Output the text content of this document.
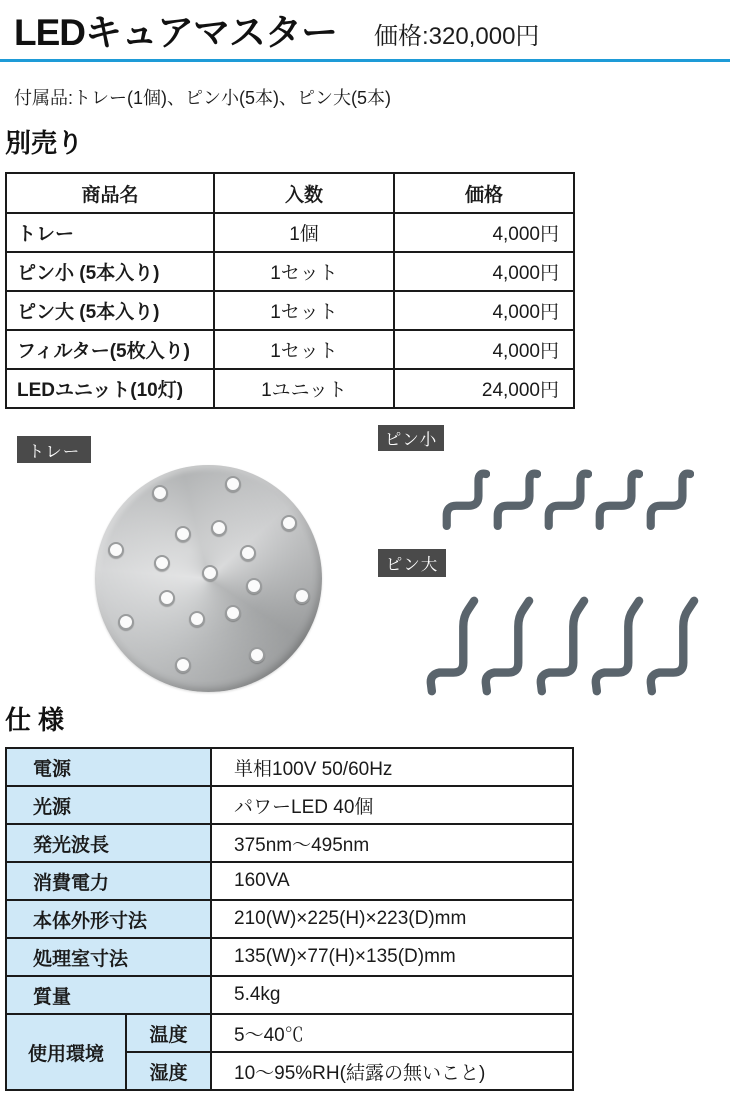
LEDキュアマスター 価格:320,000円
付属品:トレー(1個)、ピン小(5本)、ピン大(5本)
別売り
商品名	入数	価格
トレー	1個	4,000円
ピン小 (5本入り)	1セット	4,000円
ピン大 (5本入り)	1セット	4,000円
フィルター(5枚入り)	1セット	4,000円
LEDユニット(10灯)	1ユニット	24,000円
トレー
ピン小
ピン大
仕様
電源		単相100V 50/60Hz
光源		パワーLED 40個
発光波長		375nm〜495nm
消費電力		160VA
本体外形寸法		210(W)×225(H)×223(D)mm
処理室寸法		135(W)×77(H)×135(D)mm
質量		5.4kg
使用環境	温度	5〜40℃
	湿度	10〜95%RH(結露の無いこと)
